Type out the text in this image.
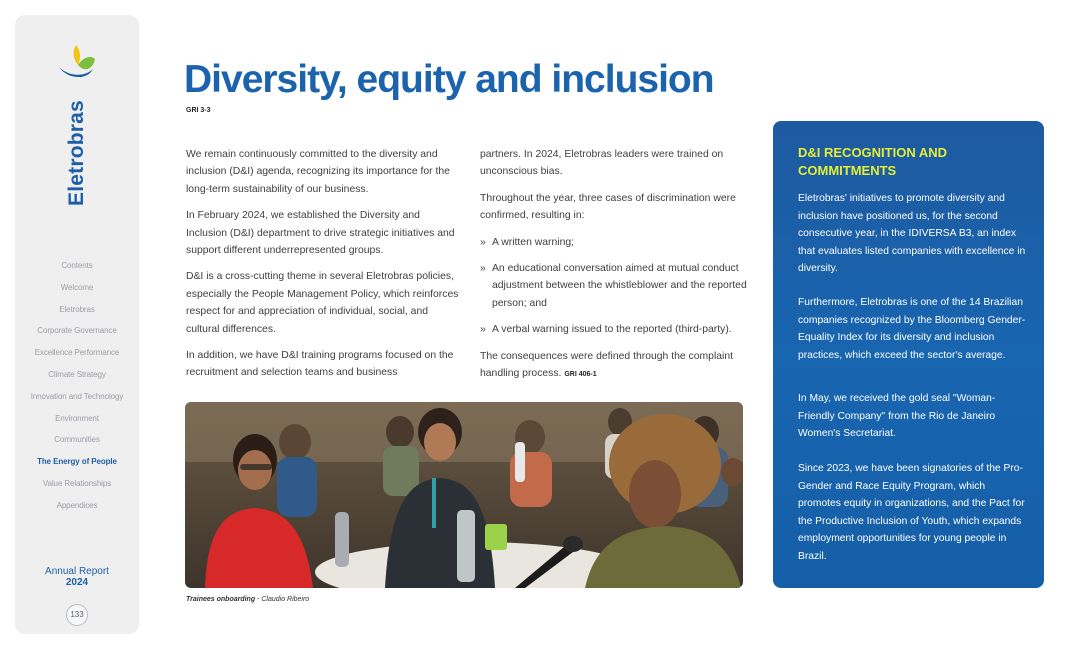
Eletrobras
Contents
Welcome
Eletrobras
Corporate Governance
Excellence Performance
Climate Strategy
Innovation and Technology
Environment
Communities
The Energy of People
Value Relationships
Appendices
Annual Report
2024
133
Diversity, equity and inclusion
GRI 3-3

We remain continuously committed to the diversity and inclusion (D&I) agenda, recognizing its importance for the long-term sustainability of our business.

In February 2024, we established the Diversity and Inclusion (D&I) department to drive strategic initiatives and support different underrepresented groups.

D&I is a cross-cutting theme in several Eletrobras policies, especially the People Management Policy, which reinforces respect for and appreciation of individual, social, and cultural differences.

In addition, we have D&I training programs focused on the recruitment and selection teams and business

partners. In 2024, Eletrobras leaders were trained on unconscious bias.

Throughout the year, three cases of discrimination were confirmed, resulting in:

» A written warning;
» An educational conversation aimed at mutual conduct adjustment between the whistleblower and the reported person; and
» A verbal warning issued to the reported (third-party).

The consequences were defined through the complaint handling process. GRI 406-1

Trainees onboarding - Claudio Ribeiro
D&I RECOGNITION AND COMMITMENTS

Eletrobras' initiatives to promote diversity and inclusion have positioned us, for the second consecutive year, in the IDIVERSA B3, an index that evaluates listed companies with excellence in diversity.

Furthermore, Eletrobras is one of the 14 Brazilian companies recognized by the Bloomberg Gender-Equality Index for its diversity and inclusion practices, which exceed the sector's average.

In May, we received the gold seal "Woman-Friendly Company" from the Rio de Janeiro Women's Secretariat.

Since 2023, we have been signatories of the Pro-Gender and Race Equity Program, which promotes equity in organizations, and the Pact for the Productive Inclusion of Youth, which expands employment opportunities for young people in Brazil.
